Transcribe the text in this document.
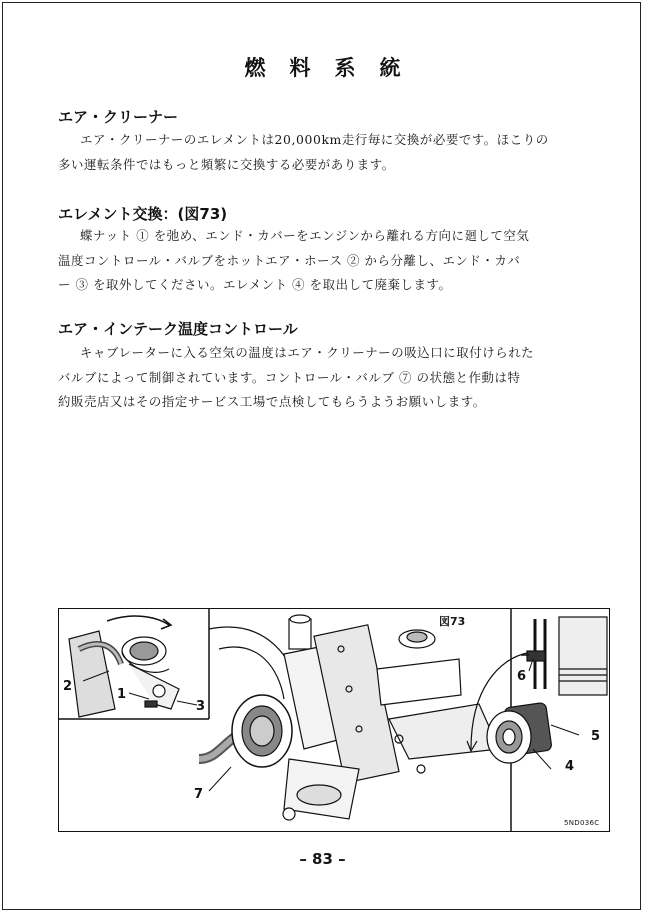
燃料系統
エア・クリーナー
エア・クリーナーのエレメントは20,000km走行毎に交換が必要です。ほこりの
多い運転条件ではもっと頻繁に交換する必要があります。
エレメント交換：(図73)
蝶ナット ① を弛め、エンド・カバーをエンジンから離れる方向に廻して空気
温度コントロール・バルブをホットエア・ホース ② から分離し、エンド・カバ
ー ③ を取外してください。エレメント ④ を取出して廃棄します。
エア・インテーク温度コントロール
キャブレーターに入る空気の温度はエア・クリーナーの吸込口に取付けられた
バルブによって制御されています。コントロール・バルブ ⑦ の状態と作動は特
約販売店又はその指定サービス工場で点検してもらうようお願いします。
図73
1
2
3
4
5
6
7
5ND036C
– 83 –
